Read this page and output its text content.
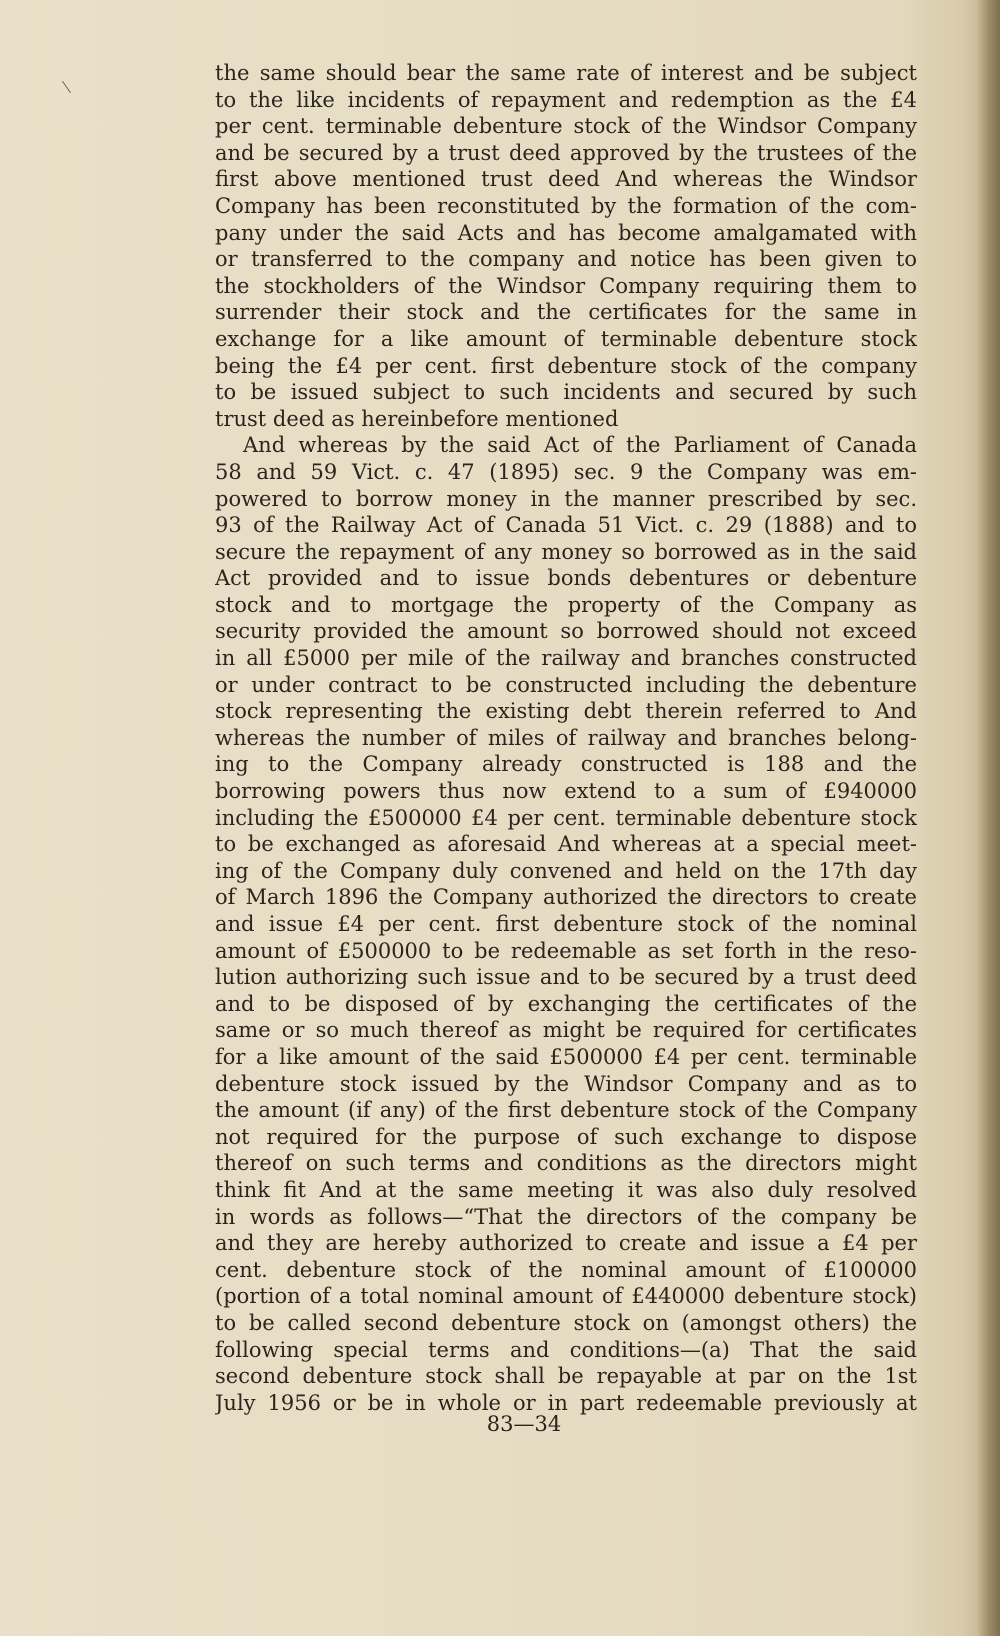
the same should bear the same rate of interest and be subject
to the like incidents of repayment and redemption as the £4
per cent. terminable debenture stock of the Windsor Company
and be secured by a trust deed approved by the trustees of the
first above mentioned trust deed And whereas the Windsor
Company has been reconstituted by the formation of the com-
pany under the said Acts and has become amalgamated with
or transferred to the company and notice has been given to
the stockholders of the Windsor Company requiring them to
surrender their stock and the certificates for the same in
exchange for a like amount of terminable debenture stock
being the £4 per cent. first debenture stock of the company
to be issued subject to such incidents and secured by such
trust deed as hereinbefore mentioned
And whereas by the said Act of the Parliament of Canada
58 and 59 Vict. c. 47 (1895) sec. 9 the Company was em-
powered to borrow money in the manner prescribed by sec.
93 of the Railway Act of Canada 51 Vict. c. 29 (1888) and to
secure the repayment of any money so borrowed as in the said
Act provided and to issue bonds debentures or debenture
stock and to mortgage the property of the Company as
security provided the amount so borrowed should not exceed
in all £5000 per mile of the railway and branches constructed
or under contract to be constructed including the debenture
stock representing the existing debt therein referred to And
whereas the number of miles of railway and branches belong-
ing to the Company already constructed is 188 and the
borrowing powers thus now extend to a sum of £940000
including the £500000 £4 per cent. terminable debenture stock
to be exchanged as aforesaid And whereas at a special meet-
ing of the Company duly convened and held on the 17th day
of March 1896 the Company authorized the directors to create
and issue £4 per cent. first debenture stock of the nominal
amount of £500000 to be redeemable as set forth in the reso-
lution authorizing such issue and to be secured by a trust deed
and to be disposed of by exchanging the certificates of the
same or so much thereof as might be required for certificates
for a like amount of the said £500000 £4 per cent. terminable
debenture stock issued by the Windsor Company and as to
the amount (if any) of the first debenture stock of the Company
not required for the purpose of such exchange to dispose
thereof on such terms and conditions as the directors might
think fit And at the same meeting it was also duly resolved
in words as follows—“That the directors of the company be
and they are hereby authorized to create and issue a £4 per
cent. debenture stock of the nominal amount of £100000
(portion of a total nominal amount of £440000 debenture stock)
to be called second debenture stock on (amongst others) the
following special terms and conditions—(a) That the said
second debenture stock shall be repayable at par on the 1st
July 1956 or be in whole or in part redeemable previously at
83—34
